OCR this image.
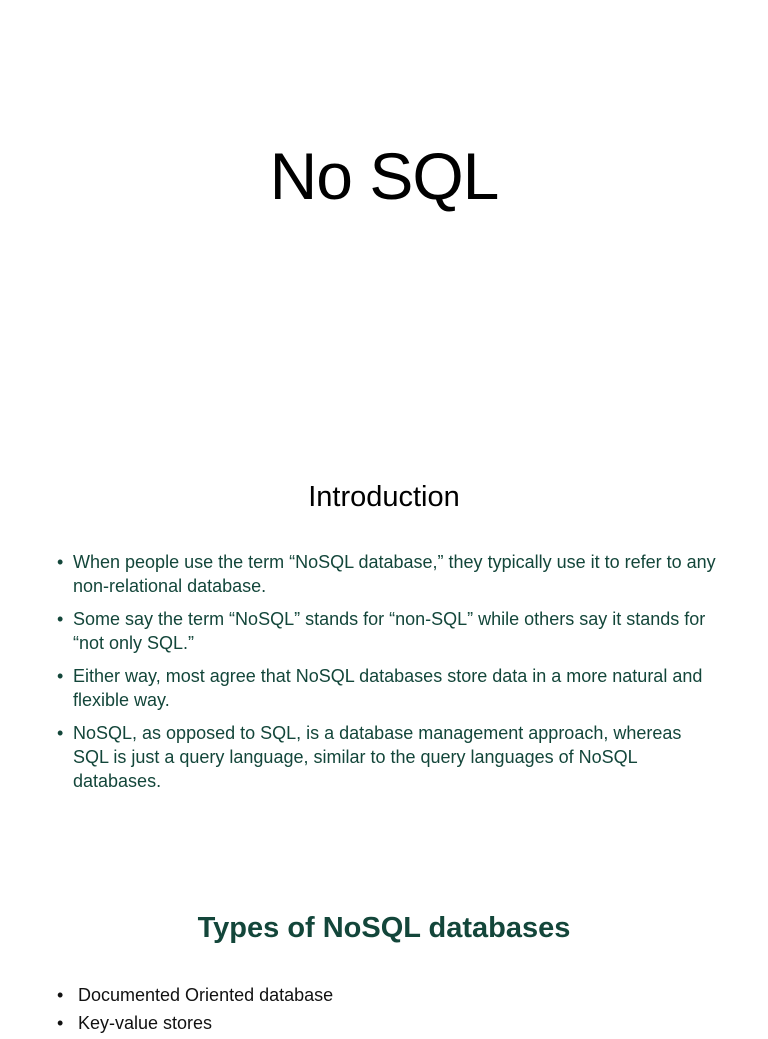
No SQL
Introduction
• When people use the term “NoSQL database,” they typically use it to refer to any non-relational database.
• Some say the term “NoSQL” stands for “non-SQL” while others say it stands for “not only SQL.”
• Either way, most agree that NoSQL databases store data in a more natural and flexible way.
• NoSQL, as opposed to SQL, is a database management approach, whereas SQL is just a query language, similar to the query languages of NoSQL databases.
Types of NoSQL databases
• Documented Oriented database
• Key-value stores
